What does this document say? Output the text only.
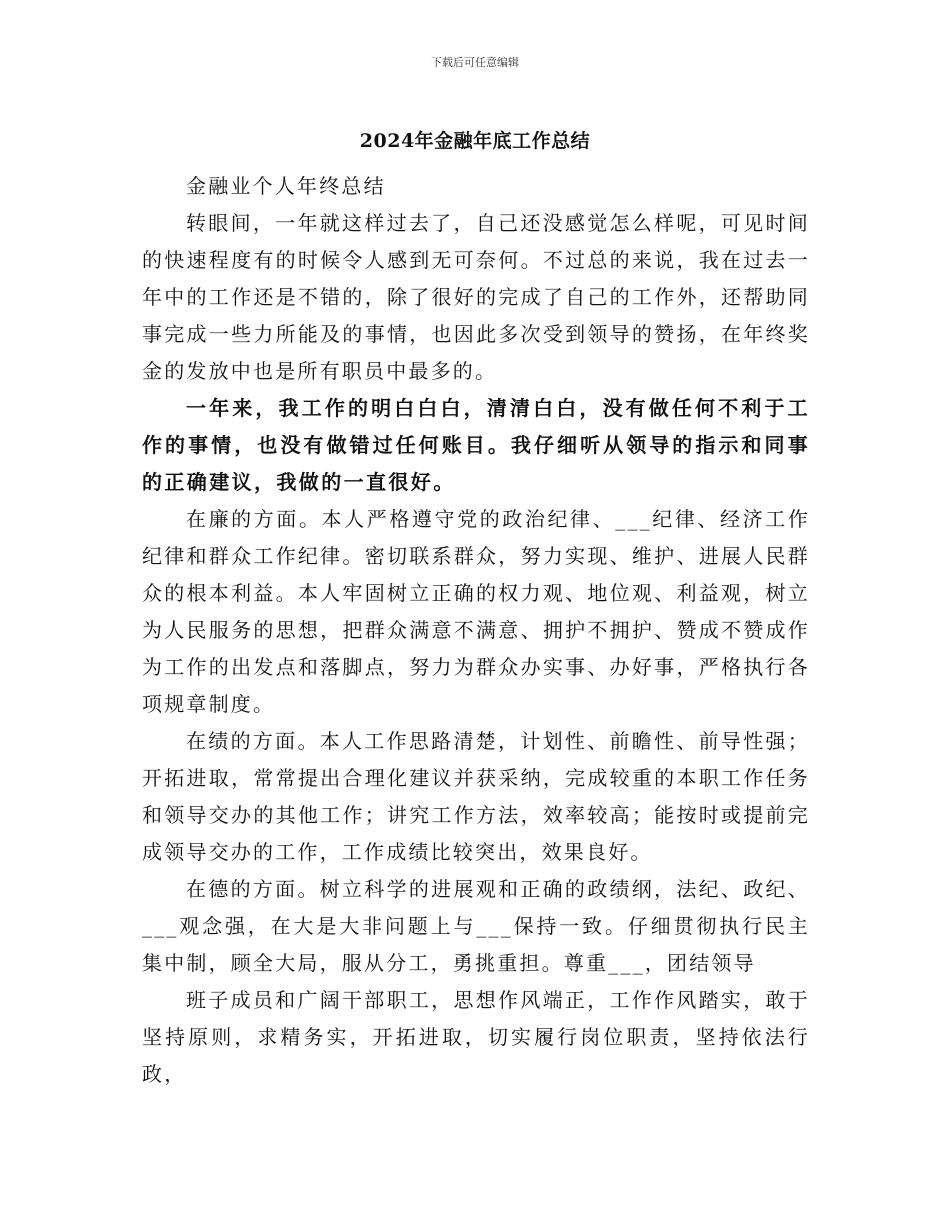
下载后可任意编辑
2024年金融年底工作总结

金融业个人年终总结

转眼间，一年就这样过去了，自己还没感觉怎么样呢，可见时间的快速程度有的时候令人感到无可奈何。不过总的来说，我在过去一年中的工作还是不错的，除了很好的完成了自己的工作外，还帮助同事完成一些力所能及的事情，也因此多次受到领导的赞扬，在年终奖金的发放中也是所有职员中最多的。

一年来，我工作的明白白白，清清白白，没有做任何不利于工作的事情，也没有做错过任何账目。我仔细听从领导的指示和同事的正确建议，我做的一直很好。

在廉的方面。本人严格遵守党的政治纪律、___纪律、经济工作纪律和群众工作纪律。密切联系群众，努力实现、维护、进展人民群众的根本利益。本人牢固树立正确的权力观、地位观、利益观，树立为人民服务的思想，把群众满意不满意、拥护不拥护、赞成不赞成作为工作的出发点和落脚点，努力为群众办实事、办好事，严格执行各项规章制度。

在绩的方面。本人工作思路清楚，计划性、前瞻性、前导性强；开拓进取，常常提出合理化建议并获采纳，完成较重的本职工作任务和领导交办的其他工作；讲究工作方法，效率较高；能按时或提前完成领导交办的工作，工作成绩比较突出，效果良好。

在德的方面。树立科学的进展观和正确的政绩纲，法纪、政纪、___观念强，在大是大非问题上与___保持一致。仔细贯彻执行民主集中制，顾全大局，服从分工，勇挑重担。尊重___，团结领导

班子成员和广阔干部职工，思想作风端正，工作作风踏实，敢于坚持原则，求精务实，开拓进取，切实履行岗位职责，坚持依法行政，
